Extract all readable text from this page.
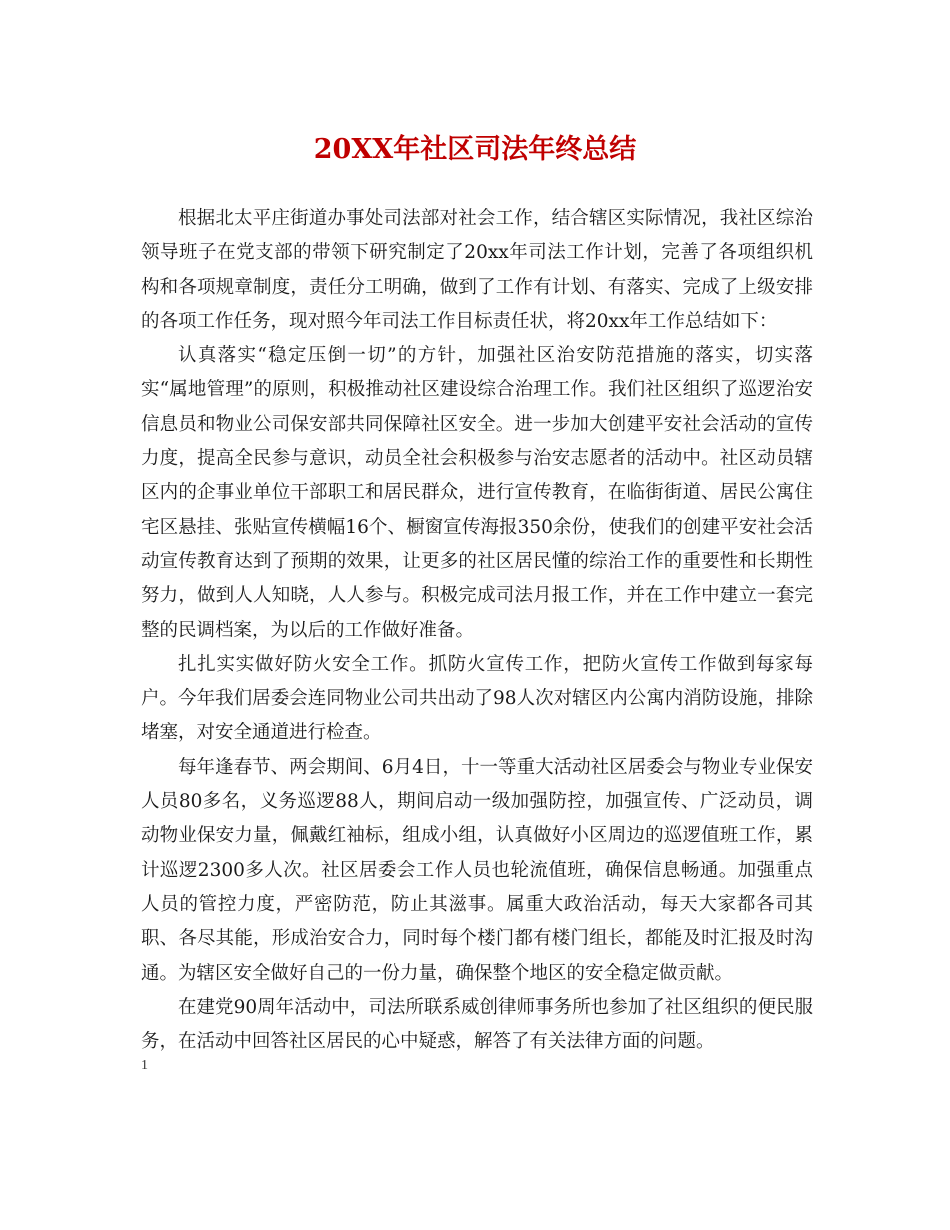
20XX年社区司法年终总结

根据北太平庄街道办事处司法部对社会工作，结合辖区实际情况，我社区综治领导班子在党支部的带领下研究制定了20xx年司法工作计划，完善了各项组织机构和各项规章制度，责任分工明确，做到了工作有计划、有落实、完成了上级安排的各项工作任务，现对照今年司法工作目标责任状，将20xx年工作总结如下：

认真落实“稳定压倒一切”的方针，加强社区治安防范措施的落实，切实落实“属地管理”的原则，积极推动社区建设综合治理工作。我们社区组织了巡逻治安信息员和物业公司保安部共同保障社区安全。进一步加大创建平安社会活动的宣传力度，提高全民参与意识，动员全社会积极参与治安志愿者的活动中。社区动员辖区内的企事业单位干部职工和居民群众，进行宣传教育，在临街街道、居民公寓住宅区悬挂、张贴宣传横幅16个、橱窗宣传海报350余份，使我们的创建平安社会活动宣传教育达到了预期的效果，让更多的社区居民懂的综治工作的重要性和长期性努力，做到人人知晓，人人参与。积极完成司法月报工作，并在工作中建立一套完整的民调档案，为以后的工作做好准备。

扎扎实实做好防火安全工作。抓防火宣传工作，把防火宣传工作做到每家每户。今年我们居委会连同物业公司共出动了98人次对辖区内公寓内消防设施，排除堵塞，对安全通道进行检查。

每年逢春节、两会期间、6月4日，十一等重大活动社区居委会与物业专业保安人员80多名，义务巡逻88人，期间启动一级加强防控，加强宣传、广泛动员，调动物业保安力量，佩戴红袖标，组成小组，认真做好小区周边的巡逻值班工作，累计巡逻2300多人次。社区居委会工作人员也轮流值班，确保信息畅通。加强重点人员的管控力度，严密防范，防止其滋事。属重大政治活动，每天大家都各司其职、各尽其能，形成治安合力，同时每个楼门都有楼门组长，都能及时汇报及时沟通。为辖区安全做好自己的一份力量，确保整个地区的安全稳定做贡献。

在建党90周年活动中，司法所联系威创律师事务所也参加了社区组织的便民服务，在活动中回答社区居民的心中疑惑，解答了有关法律方面的问题。

1
